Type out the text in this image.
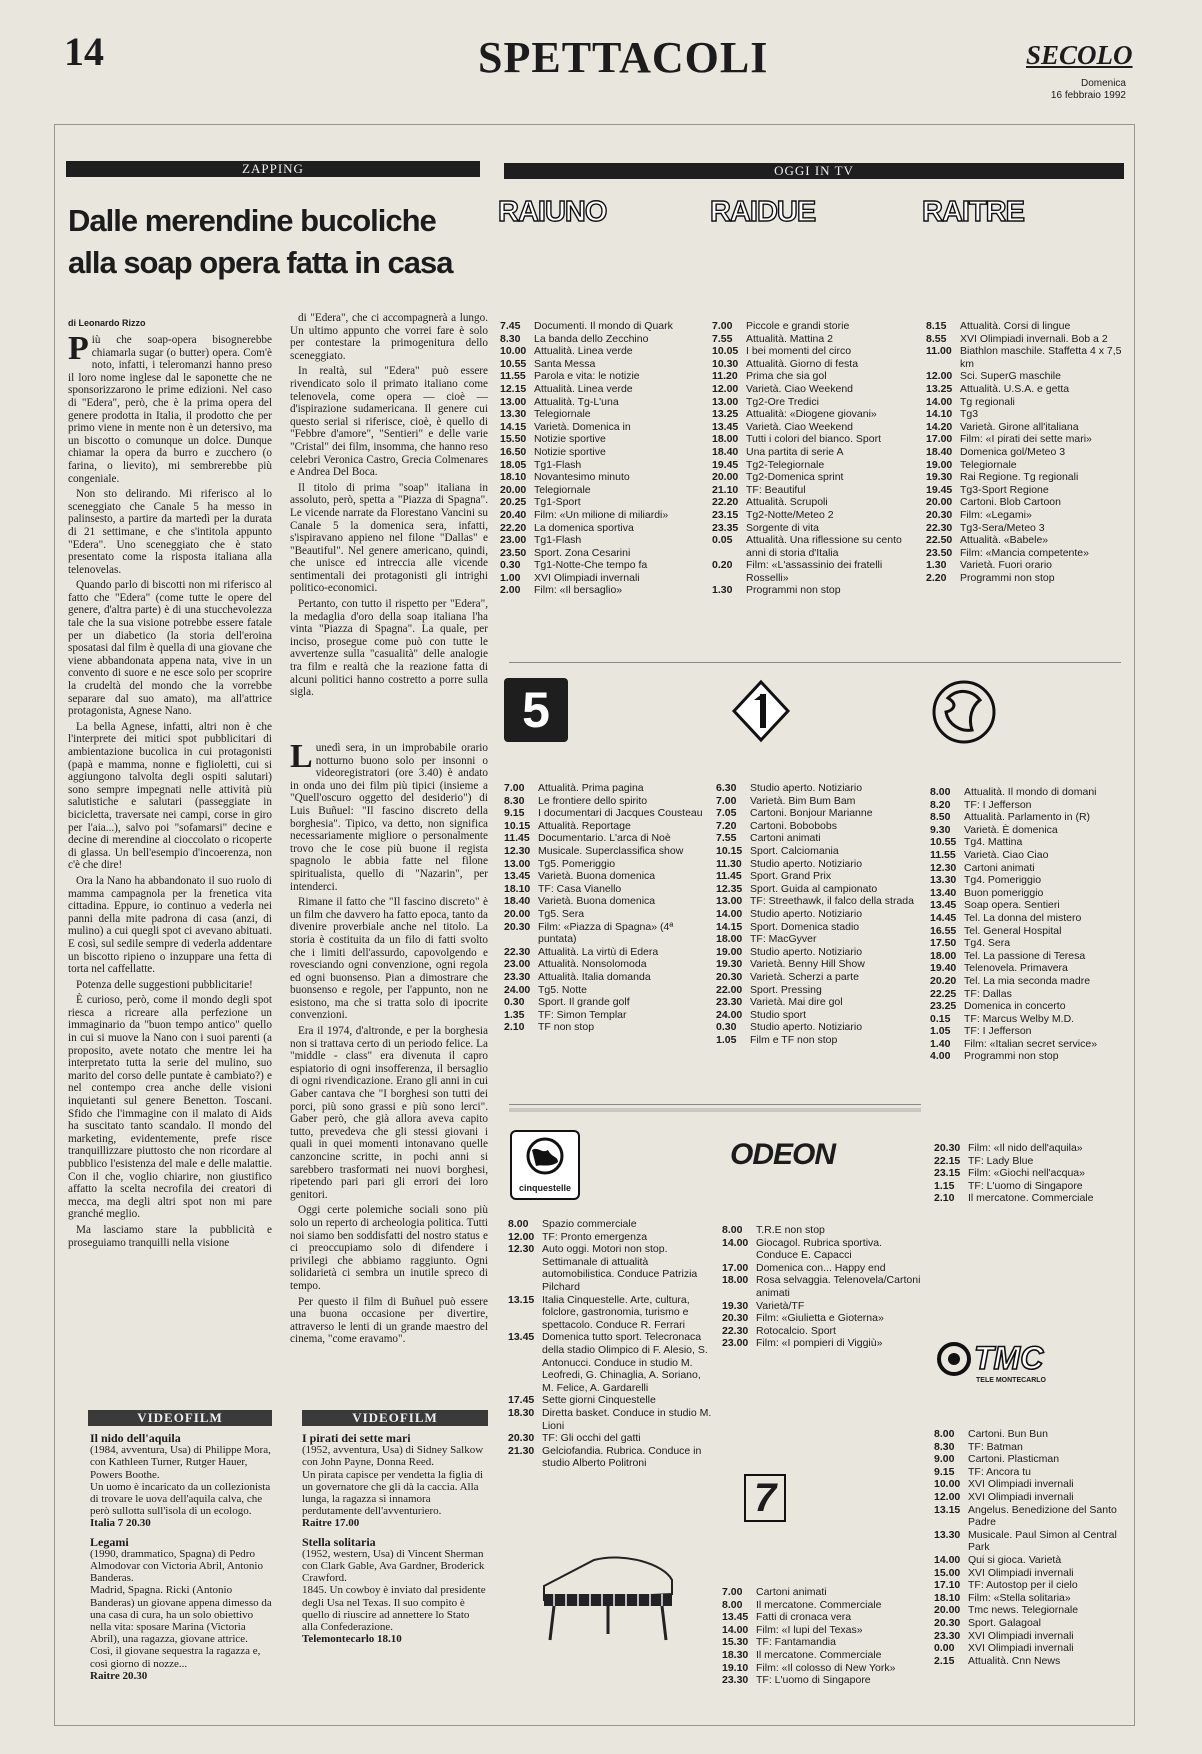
14	SPETTACOLI	SECOLO
Domenica
16 febbraio 1992
ZAPPING
Dalle merendine bucoliche alla soap opera fatta in casa
di Leonardo Rizzo

Più che soap-opera bisognerebbe chiamarla sugar (o butter) opera. Com'è noto, infatti, i teleromanzi hanno preso il loro nome inglese dal le saponette che ne sponsorizzarono le prime edizioni. Nel caso di "Edera", però, che è la prima opera del genere prodotta in Italia, il prodotto che per primo viene in mente non è un detersivo, ma un biscotto o comunque un dolce. Dunque chiamar la opera da burro e zucchero (o farina, o lievito), mi sembrerebbe più congeniale.

Non sto delirando. Mi riferisco al lo sceneggiato che Canale 5 ha messo in palinsesto, a partire da martedì per la durata di 21 settimane, e che s'intitola appunto "Edera". Uno sceneggiato che è stato presentato come la risposta italiana alla telenovelas.

Quando parlo di biscotti non mi riferisco al fatto che "Edera" (come tutte le opere del genere, d'altra parte) è di una stucchevolezza tale che la sua visione potrebbe essere fatale per un diabetico (la storia dell'eroina sposatasi dal film è quella di una giovane che viene abbandonata appena nata, vive in un convento di suore e ne esce solo per scoprire la crudeltà del mondo che la vorrebbe separare dal suo amato), ma all'attrice protagonista, Agnese Nano.

La bella Agnese, infatti, altri non è che l'interprete dei mitici spot pubblicitari di ambientazione bucolica in cui protagonisti (papà e mamma, nonne e figlioletti, cui si aggiungono talvolta degli ospiti salutari) sono sempre impegnati nelle attività più salutistiche e salutari (passeggiate in bicicletta, traversate nei campi, corse in giro per l'aia...), salvo poi "sofamarsi" decine e decine di merendine al cioccolato o ricoperte di glassa. Un bell'esempio d'incoerenza, non c'è che dire!

Ora la Nano ha abbandonato il suo ruolo di mamma campagnola per la frenetica vita cittadina. Eppure, io continuo a vederla nei panni della mite padrona di casa (anzi, di mulino) a cui quegli spot ci avevano abituati. E così, sul sedile sempre di vederla addentare un biscotto ripieno o inzuppare una fetta di torta nel caffellatte.

Potenza delle suggestioni pubblicitarie!

È curioso, però, come il mondo degli spot riesca a ricreare alla perfezione un immaginario da "buon tempo antico" quello in cui si muove la Nano con i suoi parenti (a proposito, avete notato che mentre lei ha interpretato tutta la serie del mulino, suo marito del corso delle puntate è cambiato?) e nel contempo crea anche delle visioni inquietanti sul genere Benetton. Toscani. Sfido che l'immagine con il malato di Aids ha suscitato tanto scandalo. Il mondo del marketing, evidentemente, prefe risce tranquillizzare piuttosto che non ricordare al pubblico l'esistenza del male e delle malattie. Con il che, voglio chiarire, non giustifico affatto la scelta necrofila dei creatori di mecca, ma degli altri spot non mi pare granché meglio.

Ma lasciamo stare la pubblicità e proseguiamo tranquilli nella visione

di "Edera", che ci accompagnerà a lungo. Un ultimo appunto che vorrei fare è solo per contestare la primogenitura dello sceneggiato.

In realtà, sul "Edera" può essere rivendicato solo il primato italiano come telenovela, come opera — cioè — d'ispirazione sudamericana. Il genere cui questo serial si riferisce, cioè, è quello di "Febbre d'amore", "Sentieri" e delle varie "Cristal" dei film, insomma, che hanno reso celebri Veronica Castro, Grecia Colmenares e Andrea Del Boca.

Il titolo di prima "soap" italiana in assoluto, però, spetta a "Piazza di Spagna". Le vicende narrate da Florestano Vancini su Canale 5 la domenica sera, infatti, s'ispiravano appieno nel filone "Dallas" e "Beautiful". Nel genere americano, quindi, che unisce ed intreccia alle vicende sentimentali dei protagonisti gli intrighi politico-economici.

Pertanto, con tutto il rispetto per "Edera", la medaglia d'oro della soap italiana l'ha vinta "Piazza di Spagna". La quale, per inciso, prosegue come può con tutte le avvertenze sulla "casualità" delle analogie tra film e realtà che la reazione fatta di alcuni politici hanno costretto a porre sulla sigla.

Lunedì sera, in un improbabile orario notturno buono solo per insonni o videoregistratori (ore 3.40) è andato in onda uno dei film più tipici (insieme a "Quell'oscuro oggetto del desiderio") di Luis Buñuel: "Il fascino discreto della borghesia". Tipico, va detto, non significa necessariamente migliore o personalmente trovo che le cose più buone il regista spagnolo le abbia fatte nel filone spiritualista, quello di "Nazarin", per intenderci.

Rimane il fatto che "Il fascino discreto" è un film che davvero ha fatto epoca, tanto da divenire proverbiale anche nel titolo. La storia è costituita da un filo di fatti svolto che i limiti dell'assurdo, capovolgendo e rovesciando ogni convenzione, ogni regola ed ogni buonsenso. Pian a dimostrare che buonsenso e regole, per l'appunto, non ne esistono, ma che si tratta solo di ipocrite convenzioni.

Era il 1974, d'altronde, e per la borghesia non si trattava certo di un periodo felice. La "middle - class" era divenuta il capro espiatorio di ogni insofferenza, il bersaglio di ogni rivendicazione. Erano gli anni in cui Gaber cantava che "I borghesi son tutti dei porci, più sono grassi e più sono lerci". Gaber però, che già allora aveva capito tutto, prevedeva che gli stessi giovani i quali in quei momenti intonavano quelle canzoncine scritte, in pochi anni si sarebbero trasformati nei nuovi borghesi, ripetendo pari pari gli errori dei loro genitori.

Oggi certe polemiche sociali sono più solo un reperto di archeologia politica. Tutti noi siamo ben soddisfatti del nostro status e ci preoccupiamo solo di difendere i privilegi che abbiamo raggiunto. Ogni solidarietà ci sembra un inutile spreco di tempo.

Per questo il film di Buñuel può essere una buona occasione per divertire, attraverso le lenti di un grande maestro del cinema, "come eravamo".

VIDEOFILM	VIDEOFILM
Il nido dell'aquila
(1984, avventura, Usa) di Philippe Mora, con Kathleen Turner, Rutger Hauer, Powers Boothe.
Un uomo è incaricato da un collezionista di trovare le uova dell'aquila calva, che però sullotta sull'isola di un ecologo.
Italia 7 20.30
Legami
(1990, drammatico, Spagna) di Pedro Almodovar con Victoria Abril, Antonio Banderas.
Madrid, Spagna. Ricki (Antonio Banderas) un giovane appena dimesso da una casa di cura, ha un solo obiettivo nella vita: sposare Marina (Victoria Abril), una ragazza, giovane attrice. Così, il giovane sequestra la ragazza e, così giorno di nozze...
Raitre 20.30
I pirati dei sette mari
(1952, avventura, Usa) di Sidney Salkow con John Payne, Donna Reed.
Un pirata capisce per vendetta la figlia di un governatore che gli dà la caccia. Alla lunga, la ragazza si innamora perdutamente dell'avventuriero.
Raitre 17.00
Stella solitaria
(1952, western, Usa) di Vincent Sherman con Clark Gable, Ava Gardner, Broderick Crawford.
1845. Un cowboy è inviato dal presidente degli Usa nel Texas. Il suo compito è quello di riuscire ad annettere lo Stato alla Confederazione.
Telemontecarlo 18.10
OGGI IN TV
RAIUNO	RAIDUE	RAITRE
7.45	Documenti. Il mondo di Quark
8.30	La banda dello Zecchino
10.00 Attualità. Linea verde
10.55 Santa Messa
11.55 Parola e vita: le notizie
12.15 Attualità. Linea verde
13.00 Attualità. Tg-L'una
13.30 Telegiornale
14.15 Varietà. Domenica in
15.50 Notizie sportive
16.50 Notizie sportive
18.05 Tg1-Flash
18.10 Novantesimo minuto
20.00 Telegiornale
20.25 Tg1-Sport
20.40 Film: «Un milione di miliardi»
22.20 La domenica sportiva
23.00 Tg1-Flash
23.50 Sport. Zona Cesarini
0.30	Tg1-Notte-Che tempo fa
1.00	XVI Olimpiadi invernali
2.00	Film: «Il bersaglio»
7.00	Piccole e grandi storie
7.55	Attualità. Mattina 2
10.05 I bei momenti del circo
10.30 Attualità. Giorno di festa
11.20 Prima che sia gol
12.00 Varietà. Ciao Weekend
13.00 Tg2-Ore Tredici
13.25 Attualità: «Diogene giovani»
13.45 Varietà. Ciao Weekend
18.00 Tutti i colori del bianco. Sport
18.40 Una partita di serie A
19.45 Tg2-Telegiornale
20.00 Tg2-Domenica sprint
21.10 TF: Beautiful
22.20 Attualità. Scrupoli
23.15 Tg2-Notte/Meteo 2
23.35 Sorgente di vita
0.05	Attualità. Una riflessione su cento anni di storia d'Italia
0.20	Film: «L'assassinio dei fratelli Rosselli»
1.30	Programmi non stop
8.15	Attualità. Corsi di lingue
8.55	XVI Olimpiadi invernali. Bob a 2
11.00 Biathlon maschile. Staffetta 4 x 7,5 km
12.00 Sci. SuperG maschile
13.25 Attualità. U.S.A. e getta
14.00 Tg regionali
14.10 Tg3
14.20 Varietà. Girone all'italiana
17.00 Film: «I pirati dei sette mari»
18.40 Domenica gol/Meteo 3
19.00 Telegiornale
19.30 Rai Regione. Tg regionali
19.45 Tg3-Sport Regione
20.00 Cartoni. Blob Cartoon
20.30 Film: «Legami»
22.30 Tg3-Sera/Meteo 3
22.50 Attualità. «Babele»
23.50 Film: «Mancia competente»
1.30	Varietà. Fuori orario
2.20	Programmi non stop
5
7.00	Attualità. Prima pagina
8.30	Le frontiere dello spirito
9.15	I documentari di Jacques Cousteau
10.15 Attualità. Reportage
11.45 Documentario. L'arca di Noè
12.30 Musicale. Superclassifica show
13.00 Tg5. Pomeriggio
13.45 Varietà. Buona domenica
18.10 TF: Casa Vianello
18.40 Varietà. Buona domenica
20.00 Tg5. Sera
20.30 Film: «Piazza di Spagna» (4ª puntata)
22.30 Attualità. La virtù di Edera
23.00 Attualità. Nonsolomoda
23.30 Attualità. Italia domanda
24.00 Tg5. Notte
0.30	Sport. Il grande golf
1.35	TF: Simon Templar
2.10	TF non stop
6.30	Studio aperto. Notiziario
7.00	Varietà. Bim Bum Bam
7.05	Cartoni. Bonjour Marianne
7.20	Cartoni. Bobobobs
7.55	Cartoni animati
10.15 Sport. Calciomania
11.30 Studio aperto. Notiziario
11.45 Sport. Grand Prix
12.35 Sport. Guida al campionato
13.00 TF: Streethawk, il falco della strada
14.00 Studio aperto. Notiziario
14.15 Sport. Domenica stadio
18.00 TF: MacGyver
19.00 Studio aperto. Notiziario
19.30 Varietà. Benny Hill Show
20.30 Varietà. Scherzi a parte
22.00 Sport. Pressing
23.30 Varietà. Mai dire gol
24.00 Studio sport
0.30	Studio aperto. Notiziario
1.05	Film e TF non stop
8.00	Attualità. Il mondo di domani
8.20	TF: I Jefferson
8.50	Attualità. Parlamento in (R)
9.30	Varietà. È domenica
10.55 Tg4. Mattina
11.55 Varietà. Ciao Ciao
12.30 Cartoni animati
13.30 Tg4. Pomeriggio
13.40 Buon pomeriggio
13.45 Soap opera. Sentieri
14.45 Tel. La donna del mistero
16.55 Tel. General Hospital
17.50 Tg4. Sera
18.00 Tel. La passione di Teresa
19.40 Telenovela. Primavera
20.20 Tel. La mia seconda madre
22.25 TF: Dallas
23.25 Domenica in concerto
0.15	TF: Marcus Welby M.D.
1.05	TF: I Jefferson
1.40	Film: «Italian secret service»
4.00	Programmi non stop
cinquestelle
8.00	Spazio commerciale
12.00 TF: Pronto emergenza
12.30 Auto oggi. Motori non stop. Settimanale di attualità automobilistica. Conduce Patrizia Pilchard
13.15 Italia Cinquestelle. Arte, cultura, folclore, gastronomia, turismo e spettacolo. Conduce R. Ferrari
13.45 Domenica tutto sport. Telecronaca della stadio Olimpico di F. Alesio, S. Antonucci. Conduce in studio M. Leofredi, G. Chinaglia, A. Soriano, M. Felice, A. Gardarelli
17.45 Sette giorni Cinquestelle
18.30 Diretta basket. Conduce in studio M. Lioni
20.30 TF: Gli occhi del gatti
21.30 Gelciofandia. Rubrica. Conduce in studio Alberto Politroni
ODEON
8.00	T.R.E non stop
14.00 Giocagol. Rubrica sportiva. Conduce E. Capacci
17.00 Domenica con... Happy end
18.00 Rosa selvaggia. Telenovela/Cartoni animati
19.30 Varietà/TF
20.30 Film: «Giulietta e Gioterna»
22.30 Rotocalcio. Sport
23.00 Film: «I pompieri di Viggiù»
7
7.00	Cartoni animati
8.00	Il mercatone. Commerciale
13.45 Fatti di cronaca vera
14.00 Film: «I lupi del Texas»
15.30 TF: Fantamandia
18.30 Il mercatone. Commerciale
19.10 Film: «Il colosso di New York»
23.30 TF: L'uomo di Singapore
20.30 Film: «Il nido dell'aquila»
22.15 TF: Lady Blue
23.15 Film: «Giochi nell'acqua»
1.15	TF: L'uomo di Singapore
2.10	Il mercatone. Commerciale
TMC
TELE MONTECARLO
8.00	Cartoni. Bun Bun
8.30	TF: Batman
9.00	Cartoni. Plasticman
9.15	TF: Ancora tu
10.00 XVI Olimpiadi invernali
12.00 XVI Olimpiadi invernali
13.15 Angelus. Benedizione del Santo Padre
13.30 Musicale. Paul Simon al Central Park
14.00 Qui si gioca. Varietà
15.00 XVI Olimpiadi invernali
17.10 TF: Autostop per il cielo
18.10 Film: «Stella solitaria»
20.00 Tmc news. Telegiornale
20.30 Sport. Galagoal
23.30 XVI Olimpiadi invernali
0.00	XVI Olimpiadi invernali
2.15	Attualità. Cnn News
